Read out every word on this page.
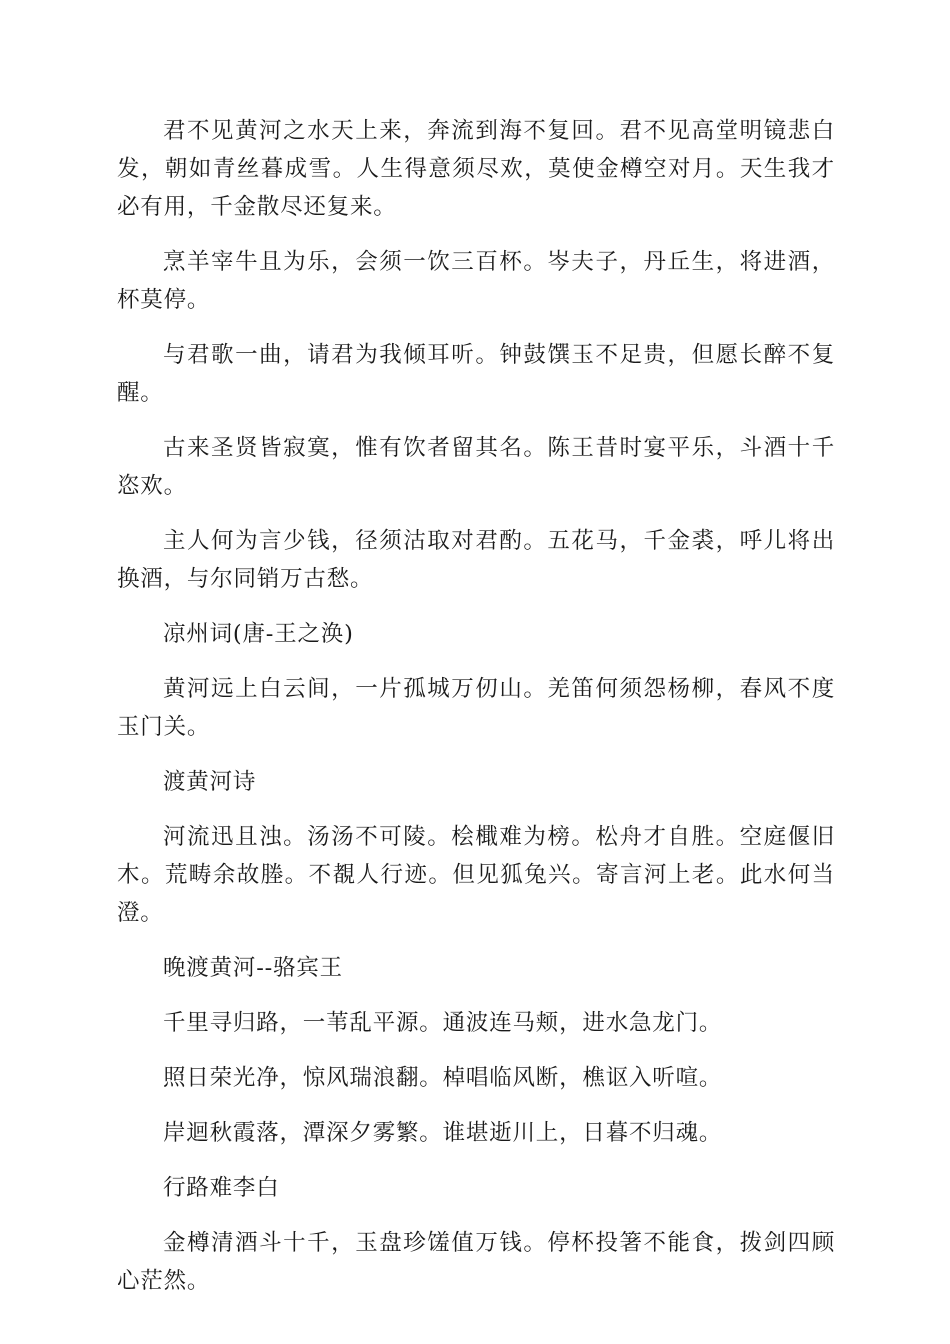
君不见黄河之水天上来，奔流到海不复回。君不见高堂明镜悲白发，朝如青丝暮成雪。人生得意须尽欢，莫使金樽空对月。天生我才必有用，千金散尽还复来。

烹羊宰牛且为乐，会须一饮三百杯。岑夫子，丹丘生，将进酒，杯莫停。

与君歌一曲，请君为我倾耳听。钟鼓馔玉不足贵，但愿长醉不复醒。

古来圣贤皆寂寞，惟有饮者留其名。陈王昔时宴平乐，斗酒十千恣欢。

主人何为言少钱，径须沽取对君酌。五花马，千金裘，呼儿将出换酒，与尔同销万古愁。

凉州词(唐-王之涣)

黄河远上白云间，一片孤城万仞山。羌笛何须怨杨柳，春风不度玉门关。

渡黄河诗

河流迅且浊。汤汤不可陵。桧檝难为榜。松舟才自胜。空庭偃旧木。荒畴余故塍。不覩人行迹。但见狐兔兴。寄言河上老。此水何当澄。

晚渡黄河--骆宾王

千里寻归路，一苇乱平源。通波连马颊，进水急龙门。

照日荣光净，惊风瑞浪翻。棹唱临风断，樵讴入听喧。

岸迴秋霞落，潭深夕雾繁。谁堪逝川上，日暮不归魂。

行路难李白

金樽清酒斗十千，玉盘珍馐值万钱。停杯投箸不能食，拨剑四顾心茫然。
